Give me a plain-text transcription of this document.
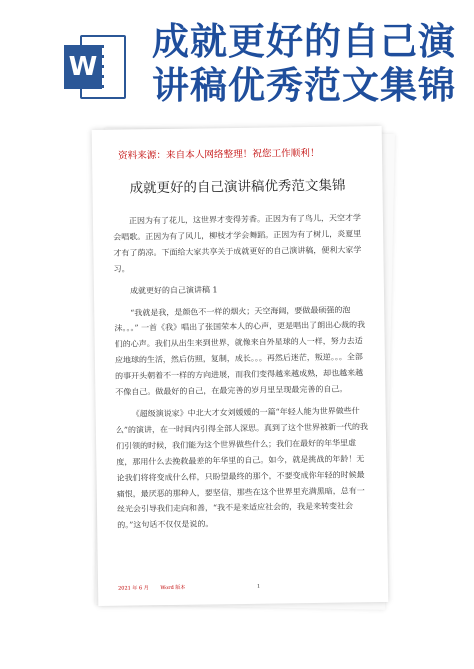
W
成就更好的自己演讲稿优秀范文集锦
资料来源：来自本人网络整理！祝您工作顺利！
成就更好的自己演讲稿优秀范文集锦

正因为有了花儿，这世界才变得芳香。正因为有了鸟儿，天空才学会唱歌。正因为有了风儿，柳枝才学会舞蹈。正因为有了树儿，炎夏里才有了荫凉。下面给大家共享关于成就更好的自己演讲稿，便利大家学习。

成就更好的自己演讲稿 1

“我就是我，是颜色不一样的烟火；天空海阔，要做最硕强的泡沫。。。” 一首《我》唱出了张国荣本人的心声，更是唱出了朗出心裁的我们的心声。我们从出生来到世界，就像来自外星球的人一样，努力去适应地球的生活，然后仿照，复制，成长。。。再然后迷茫，叛逆。。。全部的事开头朝着不一样的方向进展，而我们变得越来越成熟，却也越来越不像自己。做最好的自己，在最完善的岁月里呈现最完善的自己。

《超级演说家》中北大才女刘媛媛的一篇“年轻人能为世界做些什么”的演讲，在一时间内引得全部人深思。真到了这个世界被新一代的我们引领的时候，我们能为这个世界做些什么；我们在最好的年华里虚度，那用什么去挽救最差的年华里的自己。如今，就是挑战的年龄！无论我们将将变成什么样，只盼望最终的那个，不要变成你年轻的时候最痛恨，最厌恶的那种人，要坚信，那些在这个世界里充满黑暗，总有一丝光会引导我们走向和善，“我不是来适应社会的，我是来转变社会的。”这句话不仅仅是说的。

2021 年 6 月 Word 版本	1
